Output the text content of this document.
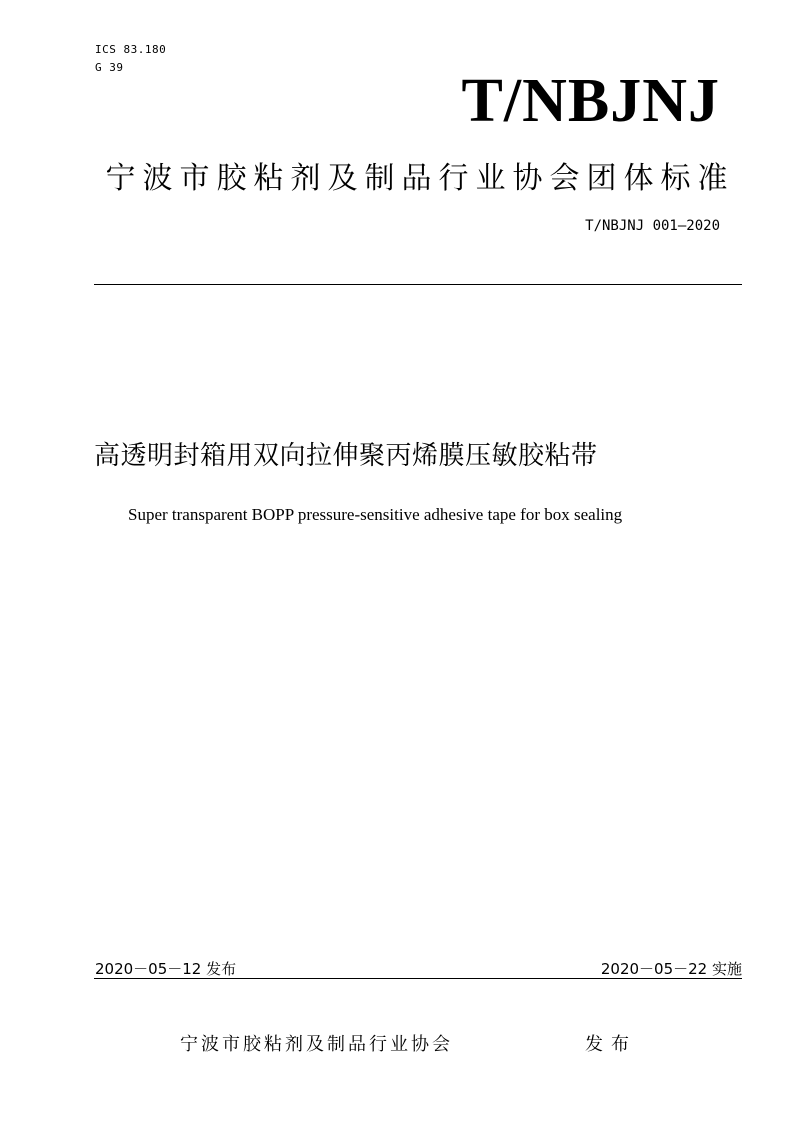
ICS 83.180
G 39	T/NBJNJ
宁波市胶粘剂及制品行业协会团体标准
T/NBJNJ 001—2020
高透明封箱用双向拉伸聚丙烯膜压敏胶粘带
Super transparent BOPP pressure-sensitive adhesive tape for box sealing
2020－05－12 发布	2020－05－22 实施
宁波市胶粘剂及制品行业协会	发布
